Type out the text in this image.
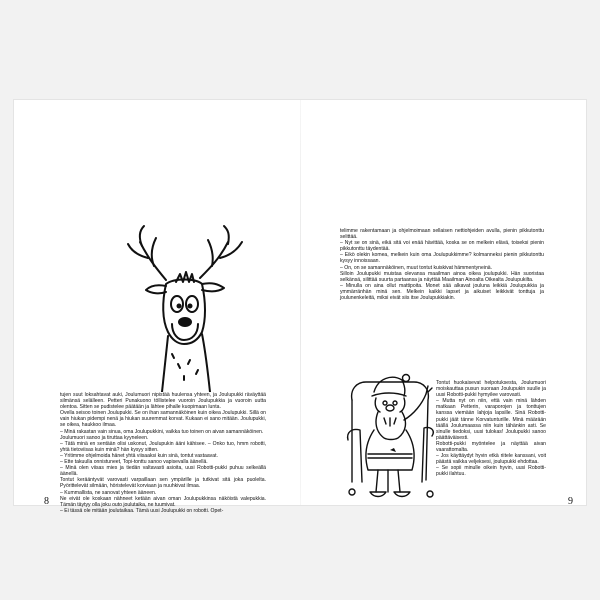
tujen suut loksahtavat auki, Joulumuori nipistää huulensa yhteen, ja Joulupukki räväyttää silmänsä selälleen. Petteri Punakuono töllistelee vuoroin Joulupukkia ja vuoroin uutta olentoa. Sitten se pudistelee päätään ja lähtee pihalle kuopimaan lunta.

Ovella seisoo toinen Joulupukki. Se on ihan samannäköinen kuin oikea Joulupukki. Sillä on vain hiukan pidempi nenä ja hiukan suuremmat korvat. Kukaan ei sano mitään. Joulupukki, se oikea, haukkoo ilmaa.

– Minä rakastan vain sinua, oma Joulupukkini, vaikka tuo toinen on aivan samannäköinen.

Joulumuori sanoo ja tiruttaa kyyneleen.

– Tätä minä en sentään olisi uskonut, Joulupukin ääni kähisee. – Onko tuo, hmm robotti, yhtä tietoviisas kuin minä? hän kysyy sitten.

– Yritimme ohjelmoida hänet yhtä viisaaksi kuin sinä, tontut vastaavat.

– Ette takuulla onnistuneet, Topi-tonttu sanoo vapisevalla äänellä.

– Minä olen viisas mies ja tiedän valtavasti asioita, uusi Robotti-pukki puhuu selkeällä äänellä.

Tontut kerääntyvät varovasti varpaillaan sen ympärille ja tutkivat sitä joka puolelta. Pyörittelevät silmään, höristelevät korviaan ja nuuhkivat ilmaa.

– Kummallista, ne sanovat yhteen ääneen.

Ne eivät ole koskaan nähneet ketään aivan oman Joulupukkinsa näköistä valepukkia. Tämän täytyy olla joku outo joulutaika, ne tuumivat.

– Ei tässä ole mitään joulutaikaa. Tämä uusi Joulupukki on robotti. Opet-

8

telimme rakentamaan ja ohjelmoimaan sellaisen nettiohjeiden avulla, pienin pikkutonttu selittää.

– Nyt se on sinä, eikä sitä voi enää hävittää, koska se on melkein elävä, toiseksi pienin pikkutonttu täydentää.

– Eikö olekin komea, melkein kuin oma Joulupukkimme? kolmanneksi pienin pikkutonttu kysyy innoissaan.

– On, on se samannäköinen, muut tontut kuiskivat hämmentyneinä.

Silloin Joulupukki muistaa olevansa maailman ainoa oikea joulupukki. Hän suoristaa selkänsä, silittää suurta partaansa ja näyttää Maailman Ainoalta Oikealta Joulupukilta.

– Minulla on aina ollut mattipoita. Monet sää alkavat jouluna leikkiä Joulupukkia ja ymmärränhän minä sen. Melkein kaikki lapset ja aikuiset leikkivät tonttuja ja joulunenkeleitä, miksi eivät siis itse Joulupukkiakin.

Tontut huokaisevat helpotuksesta, Joulumuori moiskauttaa pusun suoraan Joulupukin suulle ja uusi Robotti-pukki hymyilee varovasti.

– Mutta nyt on niin, että vain minä lähden matkaan Petterin, varaporojen ja tonttujen kanssa viemään lahjoja lapsille. Sinä Robotti-pukki jäät tänne Korvatunturille. Minä määrään täällä Joulumaassa niin kuin tähänkin asti. Se sinulle tiedoksi, uusi tulokas! Joulupukki sanoo päättäväisesti.

Robotti-pukki myöntelee ja näyttää aivan vaarattomalta.

– Jos käyttäydyt hyvin etkä riitele kanssani, voit päästä vaikka veljeksesi, joulupukki ehdottaa.

– Se sopii minulle oikein hyvin, uusi Robotti-pukki ilahtuu.

9
